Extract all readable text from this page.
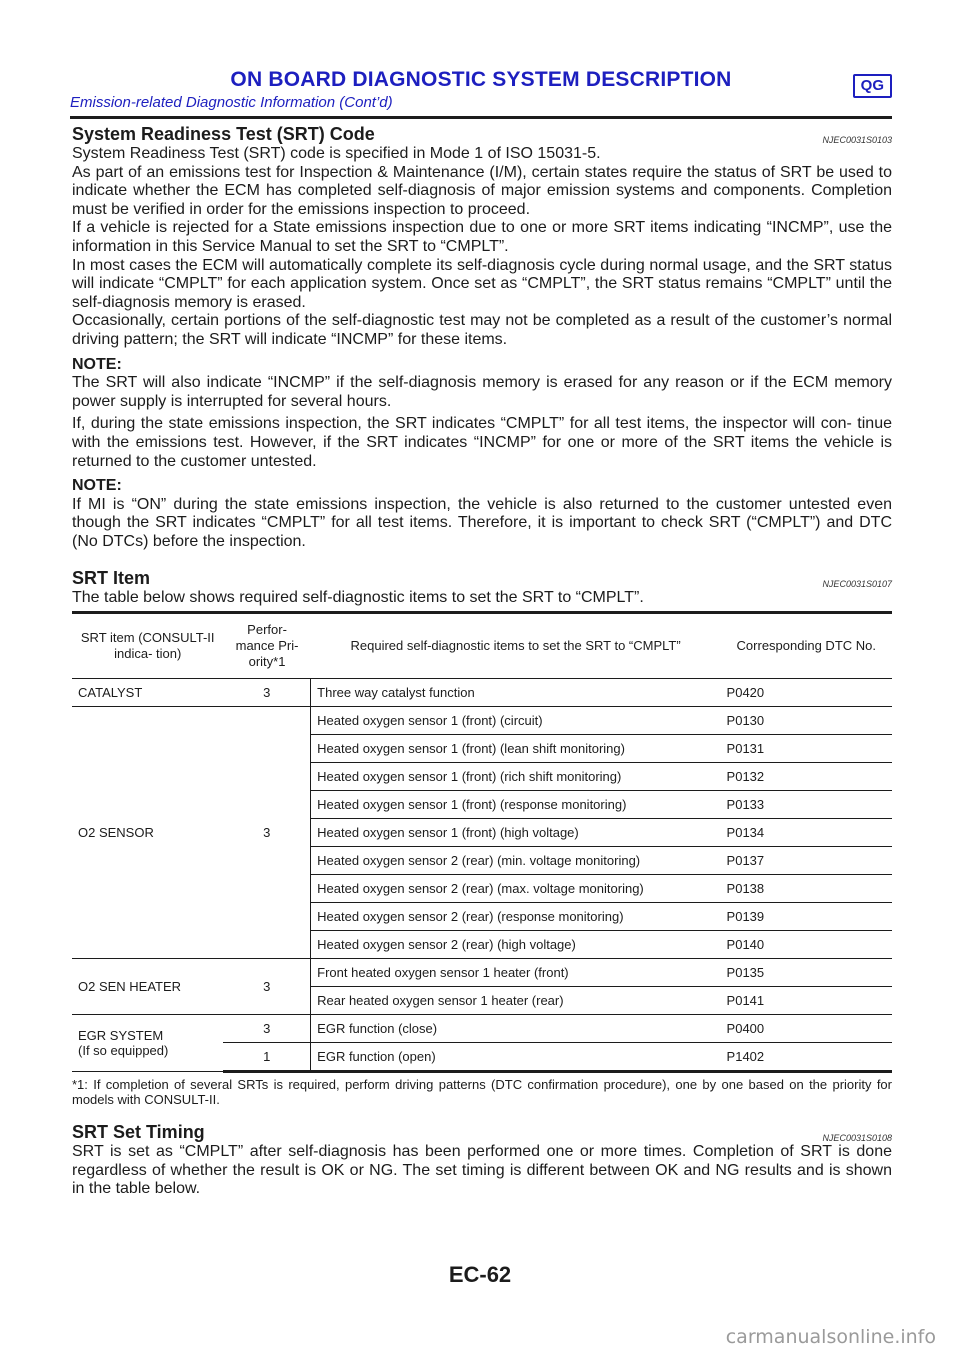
ON BOARD DIAGNOSTIC SYSTEM DESCRIPTION
Emission-related Diagnostic Information (Cont’d)
QG
System Readiness Test (SRT) Code	NJEC0031S0103

System Readiness Test (SRT) code is specified in Mode 1 of ISO 15031-5.

As part of an emissions test for Inspection & Maintenance (I/M), certain states require the status of SRT be used to indicate whether the ECM has completed self-diagnosis of major emission systems and components. Completion must be verified in order for the emissions inspection to proceed.

If a vehicle is rejected for a State emissions inspection due to one or more SRT items indicating “INCMP”, use the information in this Service Manual to set the SRT to “CMPLT”.

In most cases the ECM will automatically complete its self-diagnosis cycle during normal usage, and the SRT status will indicate “CMPLT” for each application system. Once set as “CMPLT”, the SRT status remains “CMPLT” until the self-diagnosis memory is erased.

Occasionally, certain portions of the self-diagnostic test may not be completed as a result of the customer’s normal driving pattern; the SRT will indicate “INCMP” for these items.

NOTE:

The SRT will also indicate “INCMP” if the self-diagnosis memory is erased for any reason or if the ECM memory power supply is interrupted for several hours.

If, during the state emissions inspection, the SRT indicates “CMPLT” for all test items, the inspector will con- tinue with the emissions test. However, if the SRT indicates “INCMP” for one or more of the SRT items the vehicle is returned to the customer untested.

NOTE:

If MI is “ON” during the state emissions inspection, the vehicle is also returned to the customer untested even though the SRT indicates “CMPLT” for all test items. Therefore, it is important to check SRT (“CMPLT”) and DTC (No DTCs) before the inspection.

SRT Item	NJEC0031S0107

The table below shows required self-diagnostic items to set the SRT to “CMPLT”.

SRT item (CONSULT-II indica- tion)	Perfor- mance Pri- ority*1	Required self-diagnostic items to set the SRT to “CMPLT”	Corresponding DTC No.

CATALYST	3	Three way catalyst function	P0420

O2 SENSOR	3	Heated oxygen sensor 1 (front) (circuit)	P0130
		Heated oxygen sensor 1 (front) (lean shift monitoring)	P0131
		Heated oxygen sensor 1 (front) (rich shift monitoring)	P0132
		Heated oxygen sensor 1 (front) (response monitoring)	P0133
		Heated oxygen sensor 1 (front) (high voltage)	P0134
		Heated oxygen sensor 2 (rear) (min. voltage monitoring)	P0137
		Heated oxygen sensor 2 (rear) (max. voltage monitoring)	P0138
		Heated oxygen sensor 2 (rear) (response monitoring)	P0139
		Heated oxygen sensor 2 (rear) (high voltage)	P0140

O2 SEN HEATER	3	Front heated oxygen sensor 1 heater (front)	P0135
		Rear heated oxygen sensor 1 heater (rear)	P0141

EGR SYSTEM
(If so equipped)	3	EGR function (close)	P0400
	1	EGR function (open)	P1402
*1: If completion of several SRTs is required, perform driving patterns (DTC confirmation procedure), one by one based on the priority for models with CONSULT-II.
SRT Set Timing	NJEC0031S0108

SRT is set as “CMPLT” after self-diagnosis has been performed one or more times. Completion of SRT is done regardless of whether the result is OK or NG. The set timing is different between OK and NG results and is shown in the table below.

EC-62
carmanualsonline.info
